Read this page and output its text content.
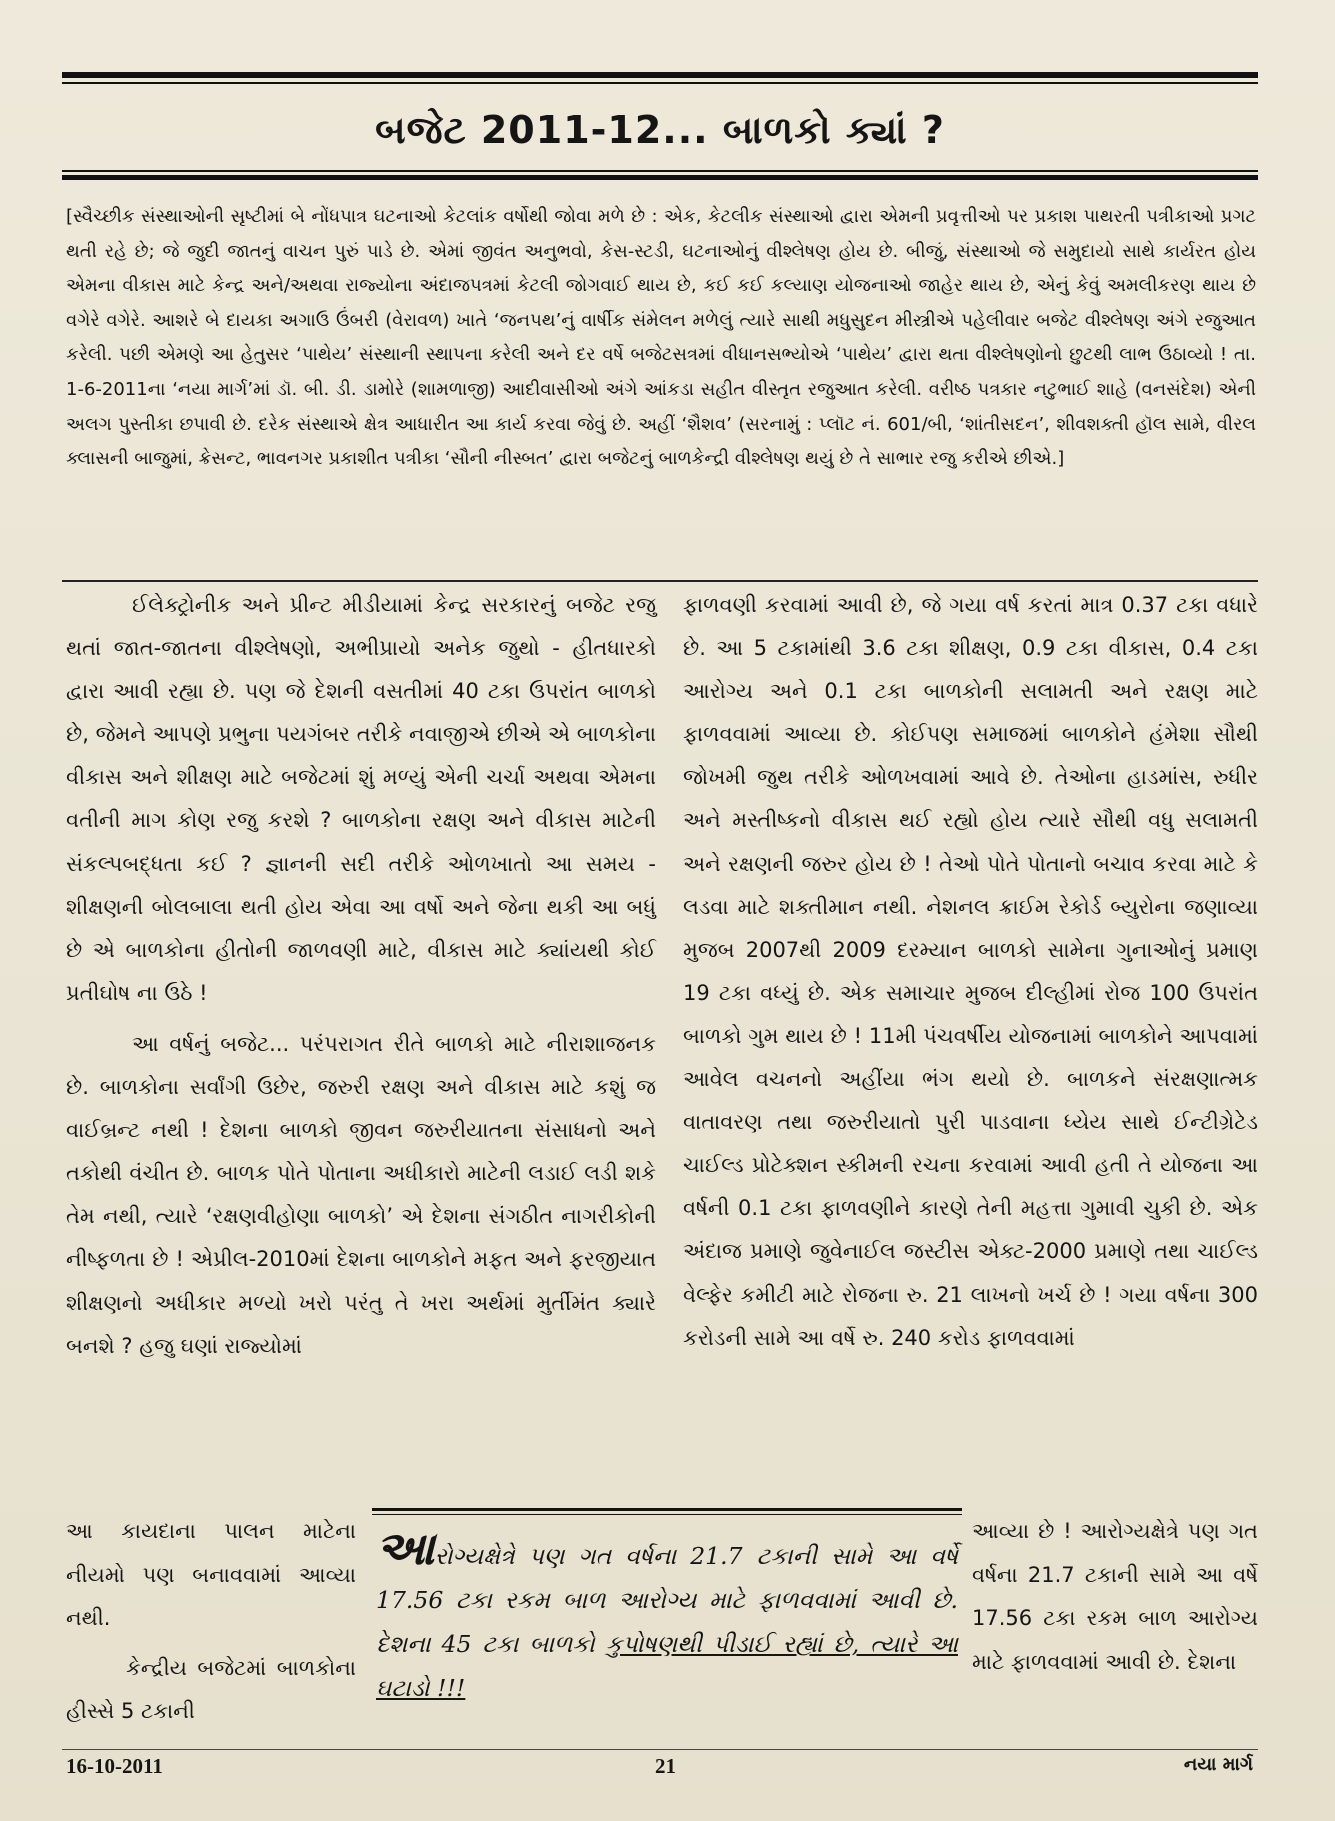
બજેટ 2011-12... બાળકો ક્યાં ?

[સ્વૈચ્છીક સંસ્થાઓની સૃષ્ટીમાં બે નોંધપાત્ર ઘટનાઓ કેટલાંક વર્ષોથી જોવા મળે છે : એક, કેટલીક સંસ્થાઓ દ્વારા એમની પ્રવૃત્તીઓ પર પ્રકાશ પાથરતી પત્રીકાઓ પ્રગટ થતી રહે છે; જે જુદી જાતનું વાચન પુરું પાડે છે. એમાં જીવંત અનુભવો, કેસ-સ્ટડી, ઘટનાઓનું વીશ્લેષણ હોય છે. બીજું, સંસ્થાઓ જે સમુદાયો સાથે કાર્યરત હોય એમના વીકાસ માટે કેન્દ્ર અને/અથવા રાજ્યોના અંદાજપત્રમાં કેટલી જોગવાઈ થાય છે, કઈ કઈ કલ્યાણ યોજનાઓ જાહેર થાય છે, એનું કેવું અમલીકરણ થાય છે વગેરે વગેરે. આશરે બે દાયકા અગાઉ ઉંબરી (વેરાવળ) ખાતે ‘જનપથ’નું વાર્ષીક સંમેલન મળેલું ત્યારે સાથી મધુસુદન મીસ્ત્રીએ પહેલીવાર બજેટ વીશ્લેષણ અંગે રજુઆત કરેલી. પછી એમણે આ હેતુસર ‘પાથેય’ સંસ્થાની સ્થાપના કરેલી અને દર વર્ષે બજેટસત્રમાં વીધાનસભ્યોએ ‘પાથેય’ દ્વારા થતા વીશ્લેષણોનો છુટથી લાભ ઉઠાવ્યો ! તા. 1-6-2011ના ‘નયા માર્ગ’માં ડૉ. બી. ડી. ડામોરે (શામળાજી) આદીવાસીઓ અંગે આંકડા સહીત વીસ્તૃત રજુઆત કરેલી. વરીષ્ઠ પત્રકાર નટુભાઈ શાહે (વનસંદેશ) એની અલગ પુસ્તીકા છપાવી છે. દરેક સંસ્થાએ ક્ષેત્ર આધારીત આ કાર્ય કરવા જેવું છે. અહીં ‘શૈશવ’ (સરનામું : પ્લૉટ નં. 601/બી, ‘શાંતીસદન’, શીવશક્તી હૉલ સામે, વીરલ ક્લાસની બાજુમાં, ક્રેસન્ટ, ભાવનગર પ્રકાશીત પત્રીકા ‘સૌની નીસ્બત’ દ્વારા બજેટનું બાળકેન્દ્રી વીશ્લેષણ થયું છે તે સાભાર રજુ કરીએ છીએ.]

ઈલેક્ટ્રોનીક અને પ્રીન્ટ મીડીયામાં કેન્દ્ર સરકારનું બજેટ રજુ થતાં જાત-જાતના વીશ્લેષણો, અભીપ્રાયો અનેક જુથો - હીતધારકો દ્વારા આવી રહ્યા છે. પણ જે દેશની વસતીમાં 40 ટકા ઉપરાંત બાળકો છે, જેમને આપણે પ્રભુના પયગંબર તરીકે નવાજીએ છીએ એ બાળકોના વીકાસ અને શીક્ષણ માટે બજેટમાં શું મળ્યું એની ચર્ચા અથવા એમના વતીની માગ કોણ રજુ કરશે ? બાળકોના રક્ષણ અને વીકાસ માટેની સંકલ્પબદ્ધતા કઈ ? જ્ઞાનની સદી તરીકે ઓળખાતો આ સમય - શીક્ષણની બોલબાલા થતી હોય એવા આ વર્ષો અને જેના થકી આ બધું છે એ બાળકોના હીતોની જાળવણી માટે, વીકાસ માટે ક્યાંયથી કોઈ પ્રતીઘોષ ના ઉઠે !

આ વર્ષનું બજેટ... પરંપરાગત રીતે બાળકો માટે નીરાશાજનક છે. બાળકોના સર્વાંગી ઉછેર, જરુરી રક્ષણ અને વીકાસ માટે કશું જ વાઈબ્રન્ટ નથી ! દેશના બાળકો જીવન જરુરીયાતના સંસાધનો અને તકોથી વંચીત છે. બાળક પોતે પોતાના અધીકારો માટેની લડાઈ લડી શકે તેમ નથી, ત્યારે ‘રક્ષણવીહોણા બાળકો’ એ દેશના સંગઠીત નાગરીકોની નીષ્ફળતા છે ! એપ્રીલ-2010માં દેશના બાળકોને મફત અને ફરજીયાત શીક્ષણનો અધીકાર મળ્યો ખરો પરંતુ તે ખરા અર્થમાં મુર્તીમંત ક્યારે બનશે ? હજુ ઘણાં રાજ્યોમાં

ફાળવણી કરવામાં આવી છે, જે ગયા વર્ષ કરતાં માત્ર 0.37 ટકા વધારે છે. આ 5 ટકામાંથી 3.6 ટકા શીક્ષણ, 0.9 ટકા વીકાસ, 0.4 ટકા આરોગ્ય અને 0.1 ટકા બાળકોની સલામતી અને રક્ષણ માટે ફાળવવામાં આવ્યા છે. કોઈપણ સમાજમાં બાળકોને હંમેશા સૌથી જોખમી જુથ તરીકે ઓળખવામાં આવે છે. તેઓના હાડમાંસ, રુધીર અને મસ્તીષ્કનો વીકાસ થઈ રહ્યો હોય ત્યારે સૌથી વધુ સલામતી અને રક્ષણની જરુર હોય છે ! તેઓ પોતે પોતાનો બચાવ કરવા માટે કે લડવા માટે શક્તીમાન નથી. નેશનલ ક્રાઈમ રેકોર્ડ બ્યુરોના જણાવ્યા મુજબ 2007થી 2009 દરમ્યાન બાળકો સામેના ગુનાઓનું પ્રમાણ 19 ટકા વધ્યું છે. એક સમાચાર મુજબ દીલ્હીમાં રોજ 100 ઉપરાંત બાળકો ગુમ થાય છે ! 11મી પંચવર્ષીય યોજનામાં બાળકોને આપવામાં આવેલ વચનનો અહીંયા ભંગ થયો છે. બાળકને સંરક્ષણાત્મક વાતાવરણ તથા જરુરીયાતો પુરી પાડવાના ધ્યેય સાથે ઈન્ટીગ્રેટેડ ચાઈલ્ડ પ્રોટેક્શન સ્કીમની રચના કરવામાં આવી હતી તે યોજના આ વર્ષની 0.1 ટકા ફાળવણીને કારણે તેની મહત્તા ગુમાવી ચુકી છે. એક અંદાજ પ્રમાણે જુવેનાઈલ જસ્ટીસ એક્ટ-2000 પ્રમાણે તથા ચાઈલ્ડ વેલ્ફેર કમીટી માટે રોજના રુ. 21 લાખનો ખર્ચ છે ! ગયા વર્ષના 300 કરોડની સામે આ વર્ષે રુ. 240 કરોડ ફાળવવામાં

આ કાયદાના પાલન માટેના નીયમો પણ બનાવવામાં આવ્યા નથી.

કેન્દ્રીય બજેટમાં બાળકોના હીસ્સે 5 ટકાની

આરોગ્યક્ષેત્રે પણ ગત વર્ષના 21.7 ટકાની સામે આ વર્ષે 17.56 ટકા રકમ બાળ આરોગ્ય માટે ફાળવવામાં આવી છે. દેશના 45 ટકા બાળકો કુપોષણથી પીડાઈ રહ્યાં છે, ત્યારે આ ઘટાડો !!!

આવ્યા છે ! આરોગ્યક્ષેત્રે પણ ગત વર્ષના 21.7 ટકાની સામે આ વર્ષે 17.56 ટકા રકમ બાળ આરોગ્ય માટે ફાળવવામાં આવી છે. દેશના

16-10-2011	21	નયા માર્ગ
